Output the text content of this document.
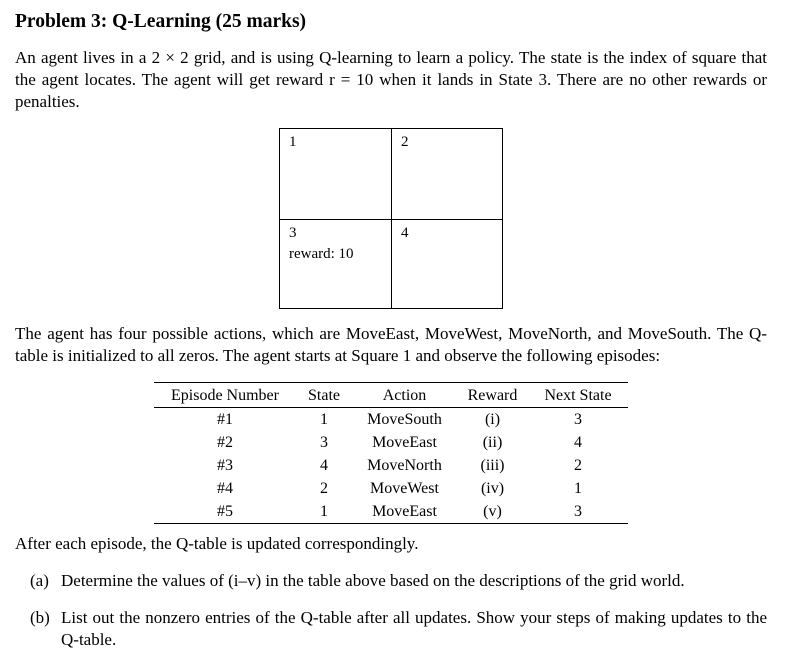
Problem 3: Q-Learning (25 marks)
An agent lives in a 2 × 2 grid, and is using Q-learning to learn a policy. The state is the index of square that the agent locates. The agent will get reward r = 10 when it lands in State 3. There are no other rewards or penalties.
1	2
3
reward: 10
4
The agent has four possible actions, which are MoveEast, MoveWest, MoveNorth, and MoveSouth. The Q-table is initialized to all zeros. The agent starts at Square 1 and observe the following episodes:
Episode Number	State	Action	Reward	Next State
#1	1	MoveSouth	(i)	3
#2	3	MoveEast	(ii)	4
#3	4	MoveNorth	(iii)	2
#4	2	MoveWest	(iv)	1
#5	1	MoveEast	(v)	3
After each episode, the Q-table is updated correspondingly.
(a) Determine the values of (i–v) in the table above based on the descriptions of the grid world.
(b) List out the nonzero entries of the Q-table after all updates. Show your steps of making updates to the Q-table.
